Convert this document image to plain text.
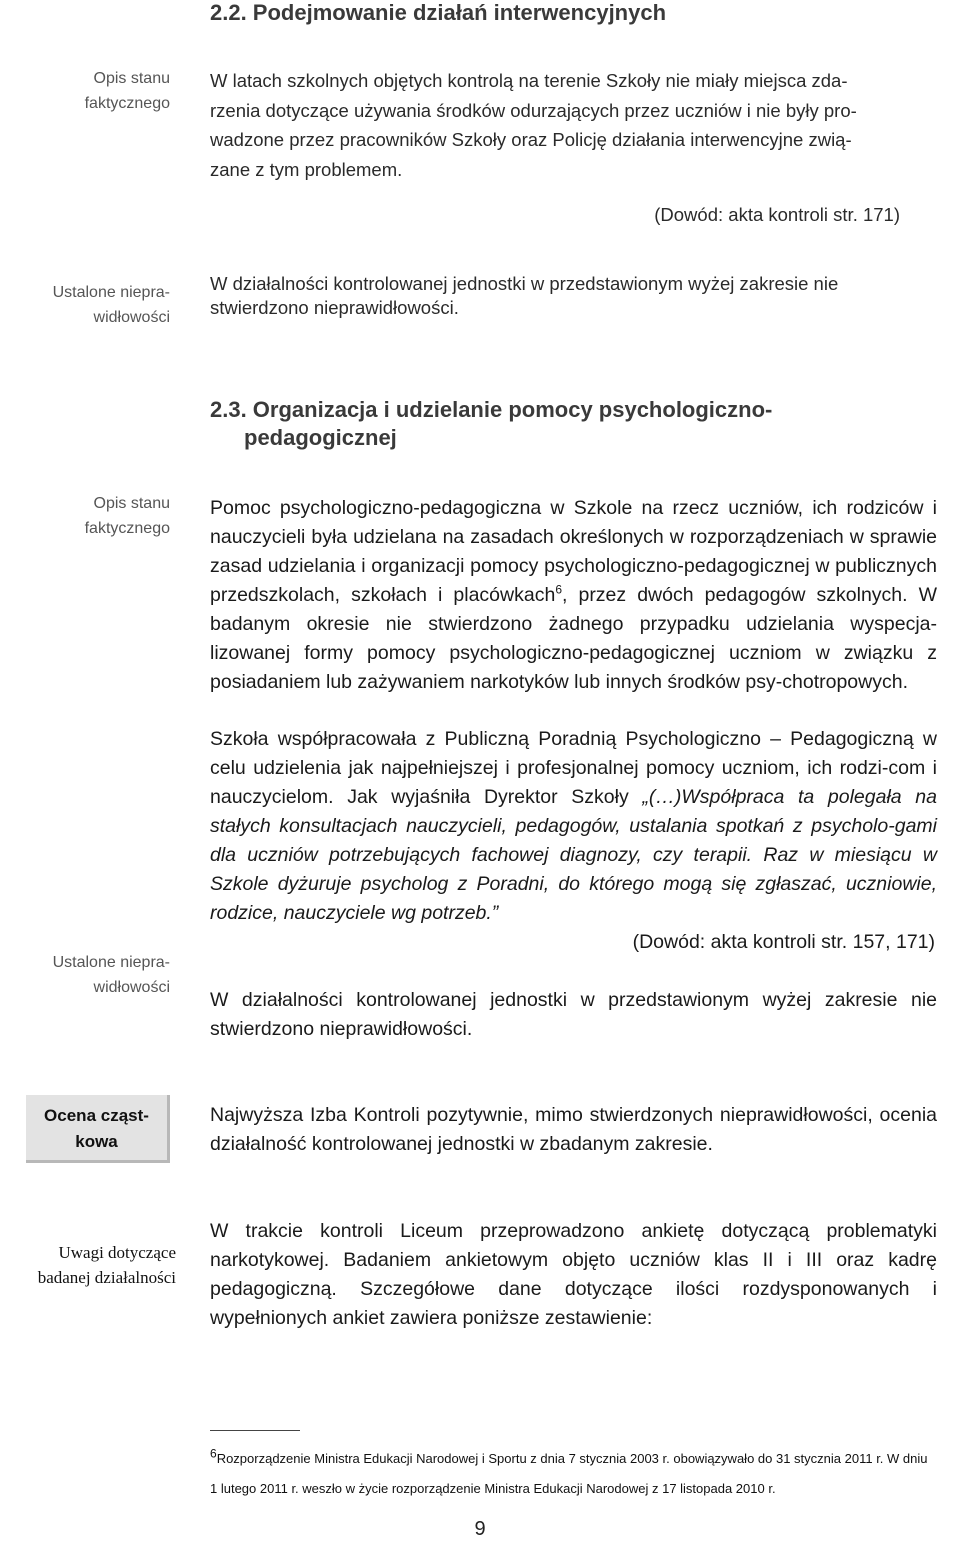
2.2. Podejmowanie działań interwencyjnych
Opis stanu
faktycznego
W latach szkolnych objętych kontrolą na terenie Szkoły nie miały miejsca zda-
rzenia dotyczące używania środków odurzających przez uczniów i nie były pro-
wadzone przez pracowników Szkoły oraz Policję działania interwencyjne zwią-
zane z tym problemem.
(Dowód: akta kontroli str. 171)
Ustalone niepra-
widłowości
W działalności kontrolowanej jednostki w przedstawionym wyżej zakresie nie stwierdzono nieprawidłowości.
2.3. Organizacja i udzielanie pomocy psychologiczno-
pedagogicznej
Opis stanu
faktycznego
Pomoc psychologiczno-pedagogiczna w Szkole na rzecz uczniów, ich rodziców i nauczycieli była udzielana na zasadach określonych w rozporządzeniach w sprawie zasad udzielania i organizacji pomocy psychologiczno-pedagogicznej w publicznych przedszkolach, szkołach i placówkach$^6$, przez dwóch pedagogów szkolnych. W badanym okresie nie stwierdzono żadnego przypadku udzielania wyspecja-lizowanej formy pomocy psychologiczno-pedagogicznej uczniom w związku z posiadaniem lub zażywaniem narkotyków lub innych środków psy-chotropowych.
Szkoła współpracowała z Publiczną Poradnią Psychologiczno – Pedagogiczną w celu udzielenia jak najpełniejszej i profesjonalnej pomocy uczniom, ich rodzi-com i nauczycielom. Jak wyjaśniła Dyrektor Szkoły „(…)Współpraca ta polegała na stałych konsultacjach nauczycieli, pedagogów, ustalania spotkań z psycholo-gami dla uczniów potrzebujących fachowej diagnozy, czy terapii. Raz w miesiącu w Szkole dyżuruje psycholog z Poradni, do którego mogą się zgłaszać, uczniowie, rodzice, nauczyciele wg potrzeb.”
(Dowód: akta kontroli str. 157, 171)
Ustalone niepra-
widłowości
W działalności kontrolowanej jednostki w przedstawionym wyżej zakresie nie stwierdzono nieprawidłowości.
Ocena cząst-
kowa
Najwyższa Izba Kontroli pozytywnie, mimo stwierdzonych nieprawidłowości, ocenia działalność kontrolowanej jednostki w zbadanym zakresie.
Uwagi dotyczące
badanej działalności
W trakcie kontroli Liceum przeprowadzono ankietę dotyczącą problematyki narkotykowej. Badaniem ankietowym objęto uczniów klas II i III oraz kadrę pedagogiczną. Szczegółowe dane dotyczące ilości rozdysponowanych i wypełnionych ankiet zawiera poniższe zestawienie:
$^6$Rozporządzenie Ministra Edukacji Narodowej i Sportu z dnia 7 stycznia 2003 r. obowiązywało do 31 stycznia 2011 r. W dniu
1 lutego 2011 r. weszło w życie rozporządzenie Ministra Edukacji Narodowej z 17 listopada 2010 r.
9
